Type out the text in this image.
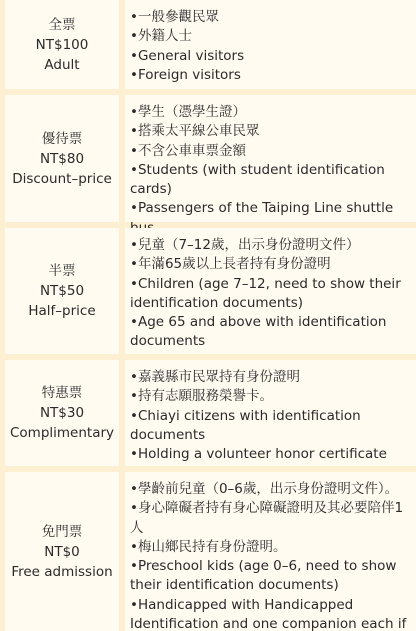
全票
NT$100
Adult
•一般參觀民眾
•外籍人士
•General visitors
•Foreign visitors
優待票
NT$80
Discount–price
•學生（憑學生證）
•搭乘太平線公車民眾
•不含公車車票金額
•Students (with student identification cards)
•Passengers of the Taiping Line shuttle
半票
NT$50
Half–price
•兒童（7–12歲，出示身份證明文件）
•年滿65歲以上長者持有身份證明
•Children (age 7–12, need to show their identification documents)
•Age 65 and above with identification documents
特惠票
NT$30
Complimentary
•嘉義縣市民眾持有身份證明
•持有志願服務榮譽卡。
•Chiayi citizens with identification documents
•Holding a volunteer honor certificate
免門票
NT$0
Free admission
•學齡前兒童（0–6歲，出示身份證明文件）。
•身心障礙者持有身心障礙證明及其必要陪伴1人
•梅山鄉民持有身份證明。
•Preschool kids (age 0–6, need to show their identification documents)
•Handicapped with Handicapped Identification and one companion each if
